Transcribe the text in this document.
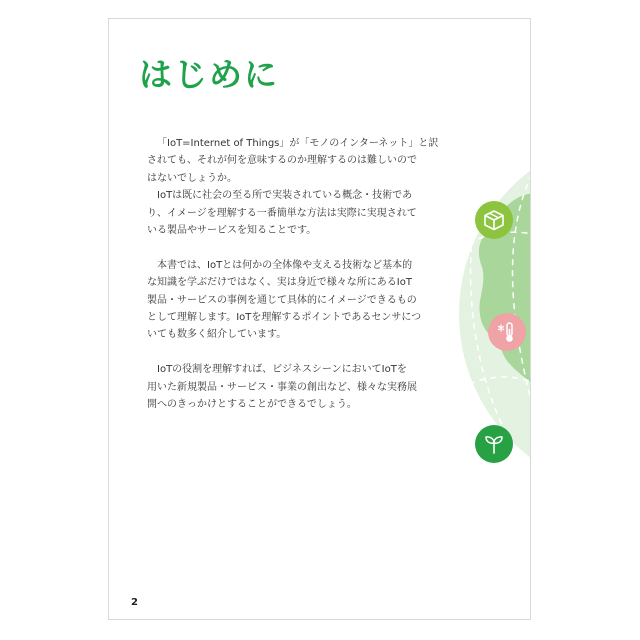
はじめに

「IoT=Internet of Things」が「モノのインターネット」と訳
されても、それが何を意味するのか理解するのは難しいので
はないでしょうか。

IoTは既に社会の至る所で実装されている概念・技術であ
り、イメージを理解する一番簡単な方法は実際に実現されて
いる製品やサービスを知ることです。

本書では、IoTとは何かの全体像や支える技術など基本的
な知識を学ぶだけではなく、実は身近で様々な所にあるIoT
製品・サービスの事例を通じて具体的にイメージできるもの
として理解します。IoTを理解するポイントであるセンサにつ
いても数多く紹介しています。

IoTの役割を理解すれば、ビジネスシーンにおいてIoTを
用いた新規製品・サービス・事業の創出など、様々な実務展
開へのきっかけとすることができるでしょう。

2
